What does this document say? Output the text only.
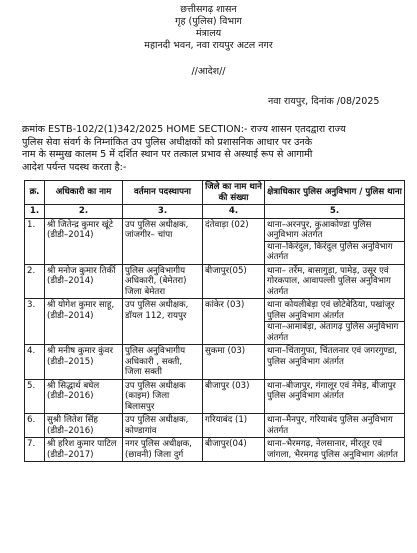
छत्तीसगढ़ शासन
गृह (पुलिस) विभाग
मंत्रालय
महानदी भवन, नवा रायपुर अटल नगर
//आदेश//
नवा रायपुर, दिनांक /08/2025
क्रमांक ESTB-102/2(1)342/2025 HOME SECTION:- राज्य शासन एतदद्वारा राज्य
पुलिस सेवा संवर्ग के निम्नांकित उप पुलिस अधीक्षकों को प्रशासनिक आधार पर उनके
नाम के सम्मुख कालम 5 में दर्शित स्थान पर तत्काल प्रभाव से अस्थाई रूप से आगामी
आदेश पर्यन्त पदस्थ करता है:-
क्र.	अधिकारी का नाम	वर्तमान पदस्थापना	जिले का नाम थाने की संख्या	क्षेत्राधिकार पुलिस अनुविभाग / पुलिस थाना
1.	2.	3.	4.	5.
1.	श्री जितेन्द्र कुमार खूंटे (डीडी–2014)	उप पुलिस अधीक्षक, जांजगीर– चांपा	दंतेवाड़ा (02)	थाना–अरनपुर, कुआकोण्डा पुलिस अनुविभाग अंतर्गत
थाना–किरंदुल, किरंदुल पुलिस अनुविभाग अंतर्गत

2.	श्री मनोज कुमार तिर्की (डीडी–2014)	पुलिस अनुविभागीय अधिकारी, (बेमेतरा) जिला बेमेतरा	बीजापुर(05)	थाना– तर्रेम, बासागुड़ा, पामेड़, उसूर एवं गोरकपाल, आवापल्ली पुलिस अनुविभाग अंतर्गत
3.	श्री योगेश कुमार साहू, (डीडी–2014)	उप पुलिस अधीक्षक, डॉयल 112, रायपुर	कांकेर (03)	थाना कोयलीबेड़ा एवं छोटेबेठिया, पखांजूर पुलिस अनुविभाग अंतर्गत
थाना–आमाबेड़ा, अंतागढ़ पुलिस अनुविभाग अंतर्गत

4.	श्री मनीष कुमार कुंवर (डीडी–2015)	पुलिस अनुविभागीय अधिकारी , सक्ती, जिला सक्ती	सुकमा (03)	थाना–चिंतागुफा, चिंतलनार एवं जगरगुण्डा, पुलिस अनुविभाग अंतर्गत
5.	श्री सिद्धार्थ बघेल (डीडी–2016)	उप पुलिस अधीक्षक (काइम) जिला बिलासपुर	बीजापुर (03)	थाना–बीजापुर, गंगालूर एवं नेमेड़, बीजापुर पुलिस अनुविभाग अंतर्गत
6.	सुश्री लितेश सिंह (डीडी–2016)	उप पुलिस अधीक्षक, कोण्डागांव	गरियाबंद (1)	थाना–मैनपुर, गरियाबंद पुलिस अनुविभाग अंतर्गत
7.	श्री हरिश कुमार पाटिल (डीडी–2017)	नगर पुलिस अधीक्षक, (छावनी) जिला दुर्ग	बीजापुर(04)	थाना–भैरमगढ़, नेलसानार, मीरतूर एवं जांगला, भैरमगढ़ पुलिस अनुविभाग अंतर्गत
